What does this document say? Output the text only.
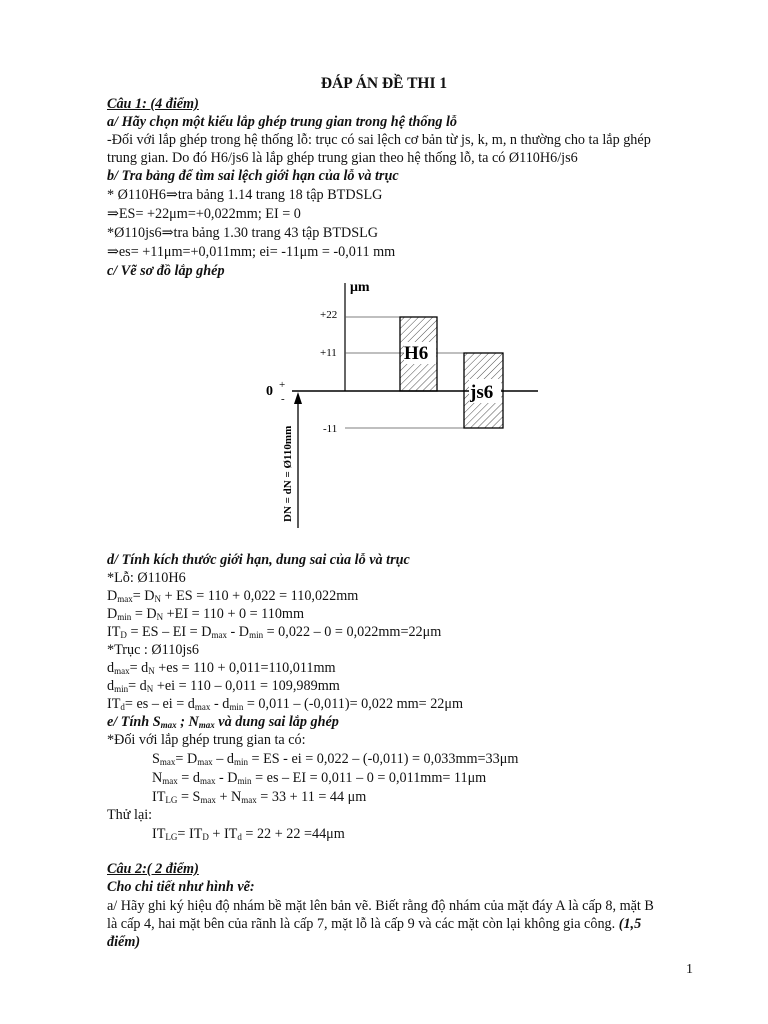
ĐÁP ÁN ĐỀ THI 1
Câu 1: (4 điểm)
a/ Hãy chọn một kiểu lắp ghép trung gian trong hệ thống lỗ
-Đối với lắp ghép trong hệ thống lỗ: trục có sai lệch cơ bản từ js, k, m, n thường cho ta lắp ghép
trung gian. Do đó H6/js6 là lắp ghép trung gian theo hệ thống lỗ, ta có Ø110H6/js6
b/ Tra bảng để tìm sai lệch giới hạn của lỗ và trục
* Ø110H6⇒tra bảng 1.14 trang 18 tập BTDSLG
⇒ES= +22μm=+0,022mm; EI = 0
*Ø110js6⇒tra bảng 1.30 trang 43 tập BTDSLG
⇒es= +11μm=+0,011mm; ei= -11μm = -0,011 mm
c/ Vẽ sơ đồ lắp ghép
μm
+22
+11
-11
0 +
-
H6
js6
DN = dN = Ø110mm
d/ Tính kích thước giới hạn, dung sai của lỗ và trục
*Lỗ: Ø110H6
$D_{max}= D_N$ + ES = 110 + 0,022 = 110,022mm
$D_{min} = D_N +EI = 110 + 0 = 110mm$
$IT_D$ = ES – EI = $D_{max} - D_{min} = 0,022 - 0 = 0,022mm=22\mu m$
*Trục : Ø110js6
$d_{max}= d_N +es = 110 + 0,011=110,011mm$
$d_{min}= d_N +ei = 110 - 0,011 = 109,989mm$
$IT_d=$ es – ei = $d_{max} - d_{min} = 0,011 - (-0,011)= 0,022$ mm= 22μm
e/ Tính $S_{max}$ ; $N_{max}$ và dung sai lắp ghép
*Đối với lắp ghép trung gian ta có:
$S_{max}= D_{max} - d_{min}$ = ES - ei = 0,022 – (-0,011) = 0,033mm=33μm
$N_{max} = d_{max} - D_{min}$ = es – EI = 0,011 – 0 = 0,011mm= 11μm
$IT_{LG} = S_{max} + N_{max} = 33 + 11 = 44$ μm
Thử lại:
$IT_{LG}= IT_D + IT_d = 22 + 22 =44\mu m$
Câu 2:( 2 điểm)
Cho chi tiết như hình vẽ:
a/ Hãy ghi ký hiệu độ nhám bề mặt lên bản vẽ. Biết rằng độ nhám của mặt đáy A là cấp 8, mặt B
là cấp 4, hai mặt bên của rãnh là cấp 7, mặt lỗ là cấp 9 và các mặt còn lại không gia công. (1,5
điểm)
1
